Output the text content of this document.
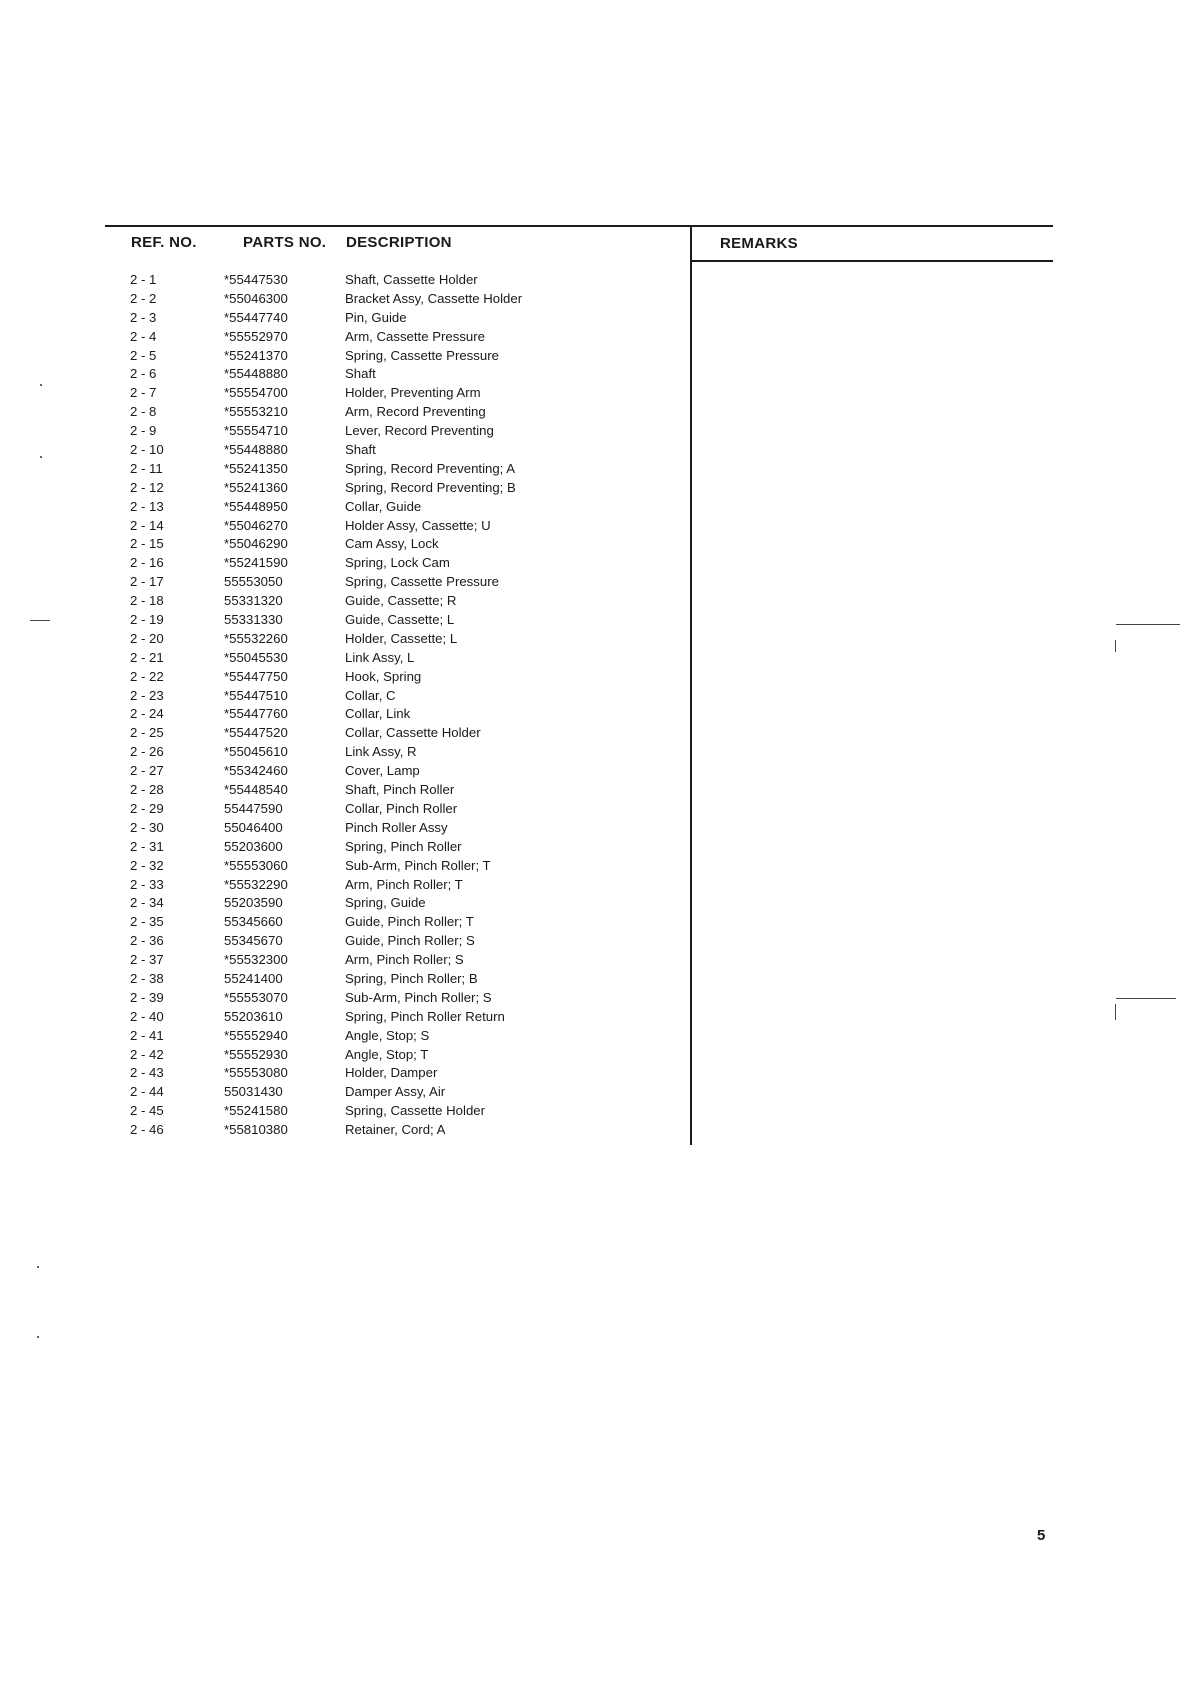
REF. NO.	PARTS NO. DESCRIPTION	REMARKS
2 - 1	*55447530	Shaft, Cassette Holder
2 - 2	*55046300	Bracket Assy, Cassette Holder
2 - 3	*55447740	Pin, Guide
2 - 4	*55552970	Arm, Cassette Pressure
2 - 5	*55241370	Spring, Cassette Pressure
2 - 6	*55448880	Shaft
2 - 7	*55554700	Holder, Preventing Arm
2 - 8	*55553210	Arm, Record Preventing
2 - 9	*55554710	Lever, Record Preventing
2 - 10	*55448880	Shaft
2 - 11	*55241350	Spring, Record Preventing; A
2 - 12	*55241360	Spring, Record Preventing; B
2 - 13	*55448950	Collar, Guide
2 - 14	*55046270	Holder Assy, Cassette; U
2 - 15	*55046290	Cam Assy, Lock
2 - 16	*55241590	Spring, Lock Cam
2 - 17	55553050	Spring, Cassette Pressure
2 - 18	55331320	Guide, Cassette; R
2 - 19	55331330	Guide, Cassette; L
2 - 20	*55532260	Holder, Cassette; L
2 - 21	*55045530	Link Assy, L
2 - 22	*55447750	Hook, Spring
2 - 23	*55447510	Collar, C
2 - 24	*55447760	Collar, Link
2 - 25	*55447520	Collar, Cassette Holder
2 - 26	*55045610	Link Assy, R
2 - 27	*55342460	Cover, Lamp
2 - 28	*55448540	Shaft, Pinch Roller
2 - 29	55447590	Collar, Pinch Roller
2 - 30	55046400	Pinch Roller Assy
2 - 31	55203600	Spring, Pinch Roller
2 - 32	*55553060	Sub-Arm, Pinch Roller; T
2 - 33	*55532290	Arm, Pinch Roller; T
2 - 34	55203590	Spring, Guide
2 - 35	55345660	Guide, Pinch Roller; T
2 - 36	55345670	Guide, Pinch Roller; S
2 - 37	*55532300	Arm, Pinch Roller; S
2 - 38	55241400	Spring, Pinch Roller; B
2 - 39	*55553070	Sub-Arm, Pinch Roller; S
2 - 40	55203610	Spring, Pinch Roller Return
2 - 41	*55552940	Angle, Stop; S
2 - 42	*55552930	Angle, Stop; T
2 - 43	*55553080	Holder, Damper
2 - 44	55031430	Damper Assy, Air
2 - 45	*55241580	Spring, Cassette Holder
2 - 46	*55810380	Retainer, Cord; A
5
